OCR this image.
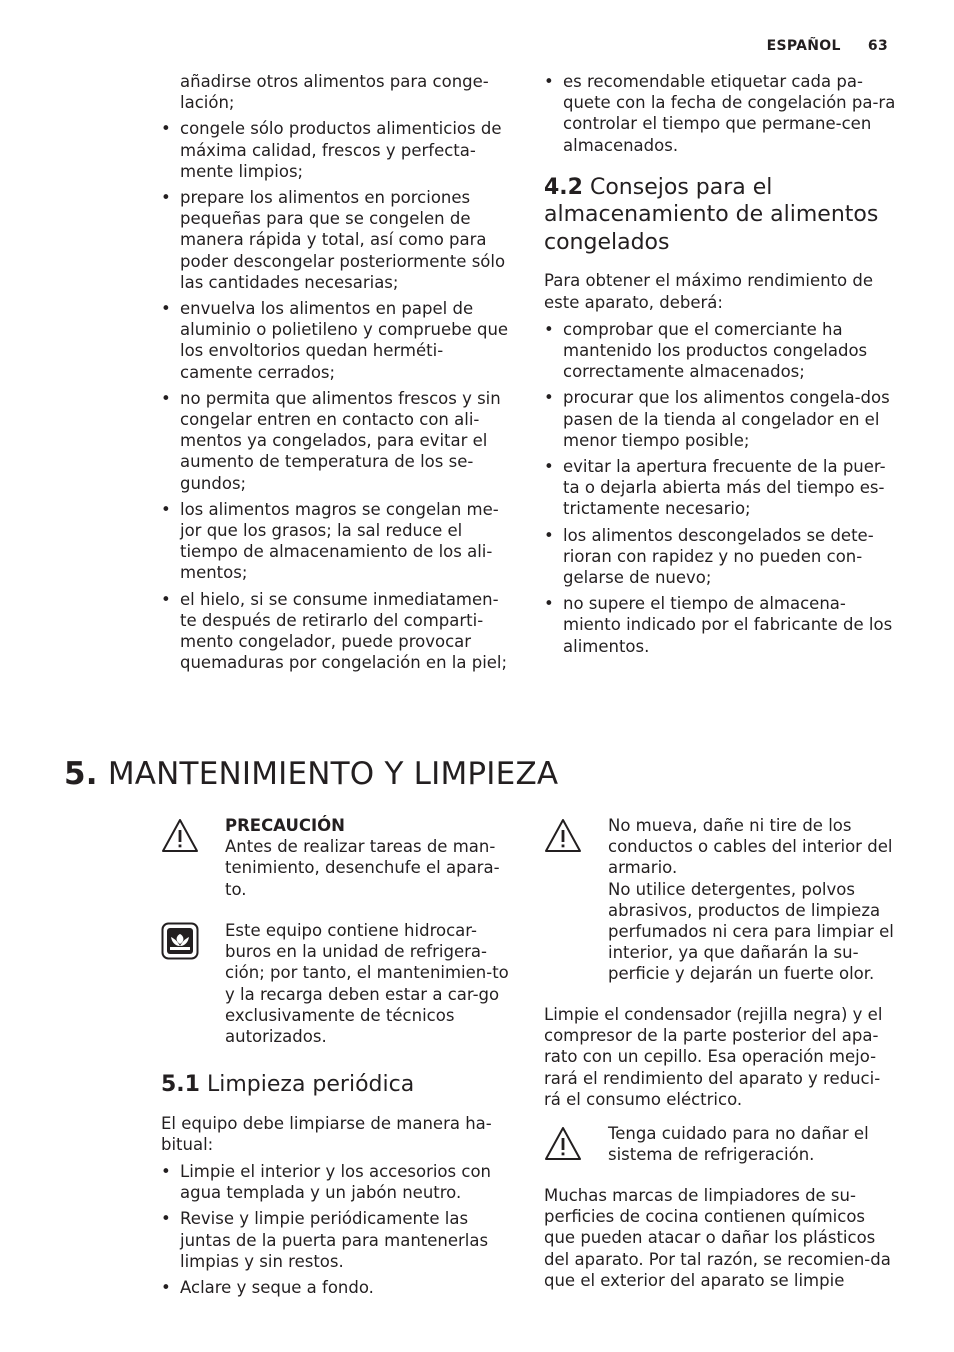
ESPAÑOL 63
añadirse otros alimentos para conge-lación;
• congele sólo productos alimenticios de máxima calidad, frescos y perfecta-mente limpios;
• prepare los alimentos en porciones pequeñas para que se congelen de manera rápida y total, así como para poder descongelar posteriormente sólo las cantidades necesarias;
• envuelva los alimentos en papel de aluminio o polietileno y compruebe que los envoltorios quedan herméti-camente cerrados;
• no permita que alimentos frescos y sin congelar entren en contacto con ali-mentos ya congelados, para evitar el aumento de temperatura de los se-gundos;
• los alimentos magros se congelan me-jor que los grasos; la sal reduce el tiempo de almacenamiento de los ali-mentos;
• el hielo, si se consume inmediatamen-te después de retirarlo del comparti-mento congelador, puede provocar quemaduras por congelación en la piel;
• es recomendable etiquetar cada pa-quete con la fecha de congelación pa-ra controlar el tiempo que permane-cen almacenados.
4.2 Consejos para el almacenamiento de alimentos congelados

Para obtener el máximo rendimiento de este aparato, deberá:

• comprobar que el comerciante ha mantenido los productos congelados correctamente almacenados;
• procurar que los alimentos congela-dos pasen de la tienda al congelador en el menor tiempo posible;
• evitar la apertura frecuente de la puer-ta o dejarla abierta más del tiempo es-trictamente necesario;
• los alimentos descongelados se dete-rioran con rapidez y no pueden con-gelarse de nuevo;
• no supere el tiempo de almacena-miento indicado por el fabricante de los alimentos.
5. MANTENIMIENTO Y LIMPIEZA
PRECAUCIÓN
Antes de realizar tareas de man-tenimiento, desenchufe el apara-to.
Este equipo contiene hidrocar-buros en la unidad de refrigera-ción; por tanto, el mantenimien-to y la recarga deben estar a car-go exclusivamente de técnicos autorizados.
5.1 Limpieza periódica

El equipo debe limpiarse de manera ha-bitual:

• Limpie el interior y los accesorios con agua templada y un jabón neutro.
• Revise y limpie periódicamente las juntas de la puerta para mantenerlas limpias y sin restos.
• Aclare y seque a fondo.
No mueva, dañe ni tire de los conductos o cables del interior del armario.
No utilice detergentes, polvos abrasivos, productos de limpieza perfumados ni cera para limpiar el interior, ya que dañarán la su-perficie y dejarán un fuerte olor.
Limpie el condensador (rejilla negra) y el compresor de la parte posterior del apa-rato con un cepillo. Esa operación mejo-rará el rendimiento del aparato y reduci-rá el consumo eléctrico.
Tenga cuidado para no dañar el sistema de refrigeración.
Muchas marcas de limpiadores de su-perficies de cocina contienen químicos que pueden atacar o dañar los plásticos del aparato. Por tal razón, se recomien-da que el exterior del aparato se limpie
